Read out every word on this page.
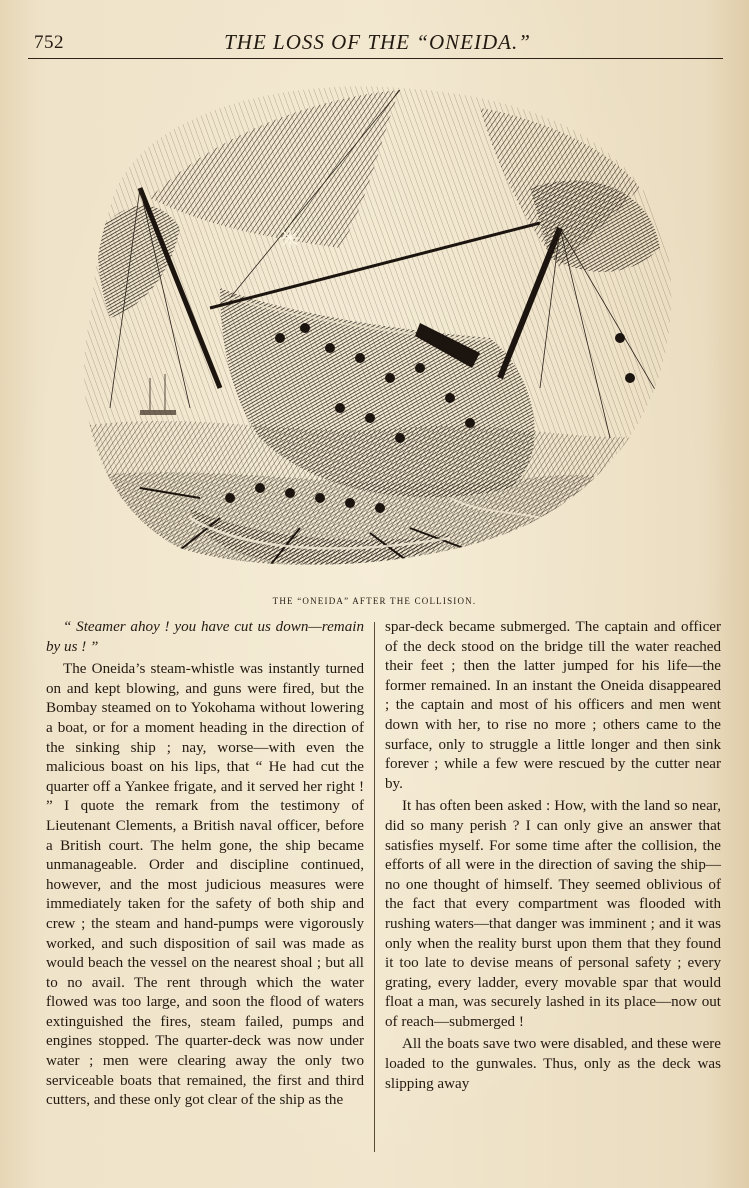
752	THE LOSS OF THE “ONEIDA.”
THE “ONEIDA” AFTER THE COLLISION.

“ Steamer ahoy ! you have cut us down—remain by us ! ”

The Oneida’s steam-whistle was instantly turned on and kept blowing, and guns were fired, but the Bombay steamed on to Yokohama without lowering a boat, or for a moment heading in the direction of the sinking ship ; nay, worse—with even the malicious boast on his lips, that “ He had cut the quarter off a Yankee frigate, and it served her right ! ” I quote the remark from the testimony of Lieutenant Clements, a British naval officer, before a British court. The helm gone, the ship became unmanageable. Order and discipline continued, however, and the most judicious measures were immediately taken for the safety of both ship and crew ; the steam and hand-pumps were vigorously worked, and such disposition of sail was made as would beach the vessel on the nearest shoal ; but all to no avail. The rent through which the water flowed was too large, and soon the flood of waters extinguished the fires, steam failed, pumps and engines stopped. The quarter-deck was now under water ; men were clearing away the only two serviceable boats that remained, the first and third cutters, and these only got clear of the ship as the

spar-deck became submerged. The captain and officer of the deck stood on the bridge till the water reached their feet ; then the latter jumped for his life—the former remained. In an instant the Oneida disappeared ; the captain and most of his officers and men went down with her, to rise no more ; others came to the surface, only to struggle a little longer and then sink forever ; while a few were rescued by the cutter near by.

It has often been asked : How, with the land so near, did so many perish ? I can only give an answer that satisfies myself. For some time after the collision, the efforts of all were in the direction of saving the ship—no one thought of himself. They seemed oblivious of the fact that every compartment was flooded with rushing waters—that danger was imminent ; and it was only when the reality burst upon them that they found it too late to devise means of personal safety ; every grating, every ladder, every movable spar that would float a man, was securely lashed in its place—now out of reach—submerged !

All the boats save two were disabled, and these were loaded to the gunwales. Thus, only as the deck was slipping away
